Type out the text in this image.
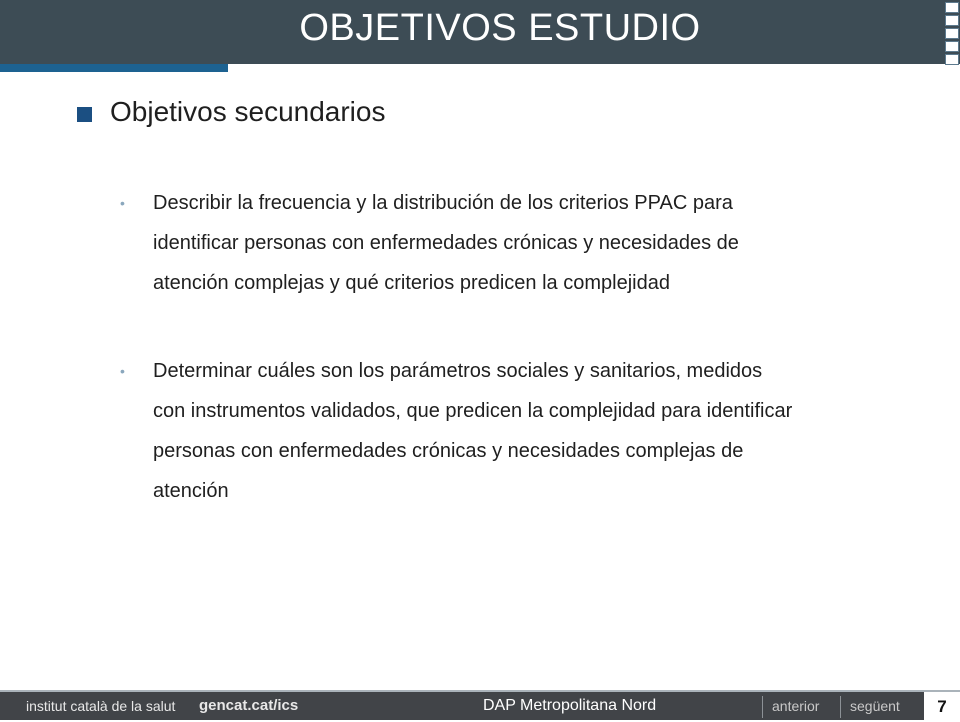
OBJETIVOS ESTUDIO
Objetivos secundarios
• Describir la frecuencia y la distribución de los criterios PPAC para
identificar personas con enfermedades crónicas y necesidades de
atención complejas y qué criterios predicen la complejidad
• Determinar cuáles son los parámetros sociales y sanitarios, medidos
con instrumentos validados, que predicen la complejidad para identificar
personas con enfermedades crónicas y necesidades complejas de
atención
institut català de la salut gencat.cat/ics	DAP Metropolitana Nord	anterior següent	7
